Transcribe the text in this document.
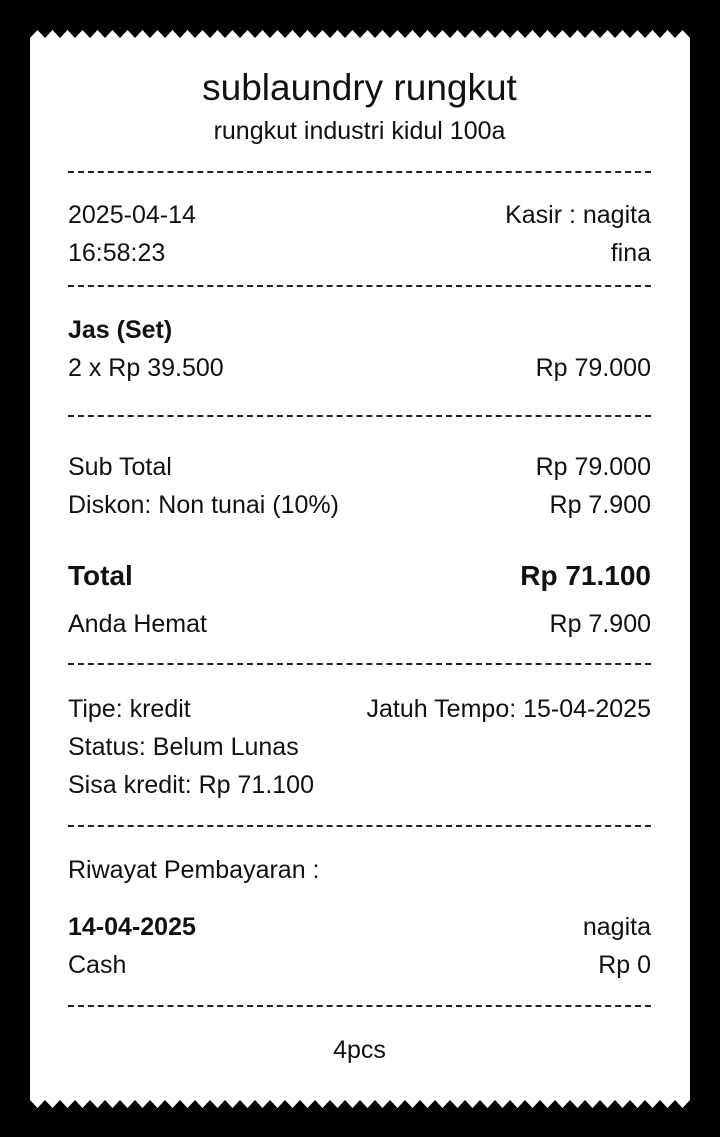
sublaundry rungkut
rungkut industri kidul 100a
2025-04-14	Kasir : nagita
16:58:23	fina
Jas (Set)
2 x Rp 39.500	Rp 79.000
Sub Total	Rp 79.000
Diskon: Non tunai (10%)	Rp 7.900
Total	Rp 71.100
Anda Hemat	Rp 7.900
Tipe: kredit	Jatuh Tempo: 15-04-2025
Status: Belum Lunas
Sisa kredit: Rp 71.100
Riwayat Pembayaran :
14-04-2025	nagita
Cash	Rp 0
4pcs
